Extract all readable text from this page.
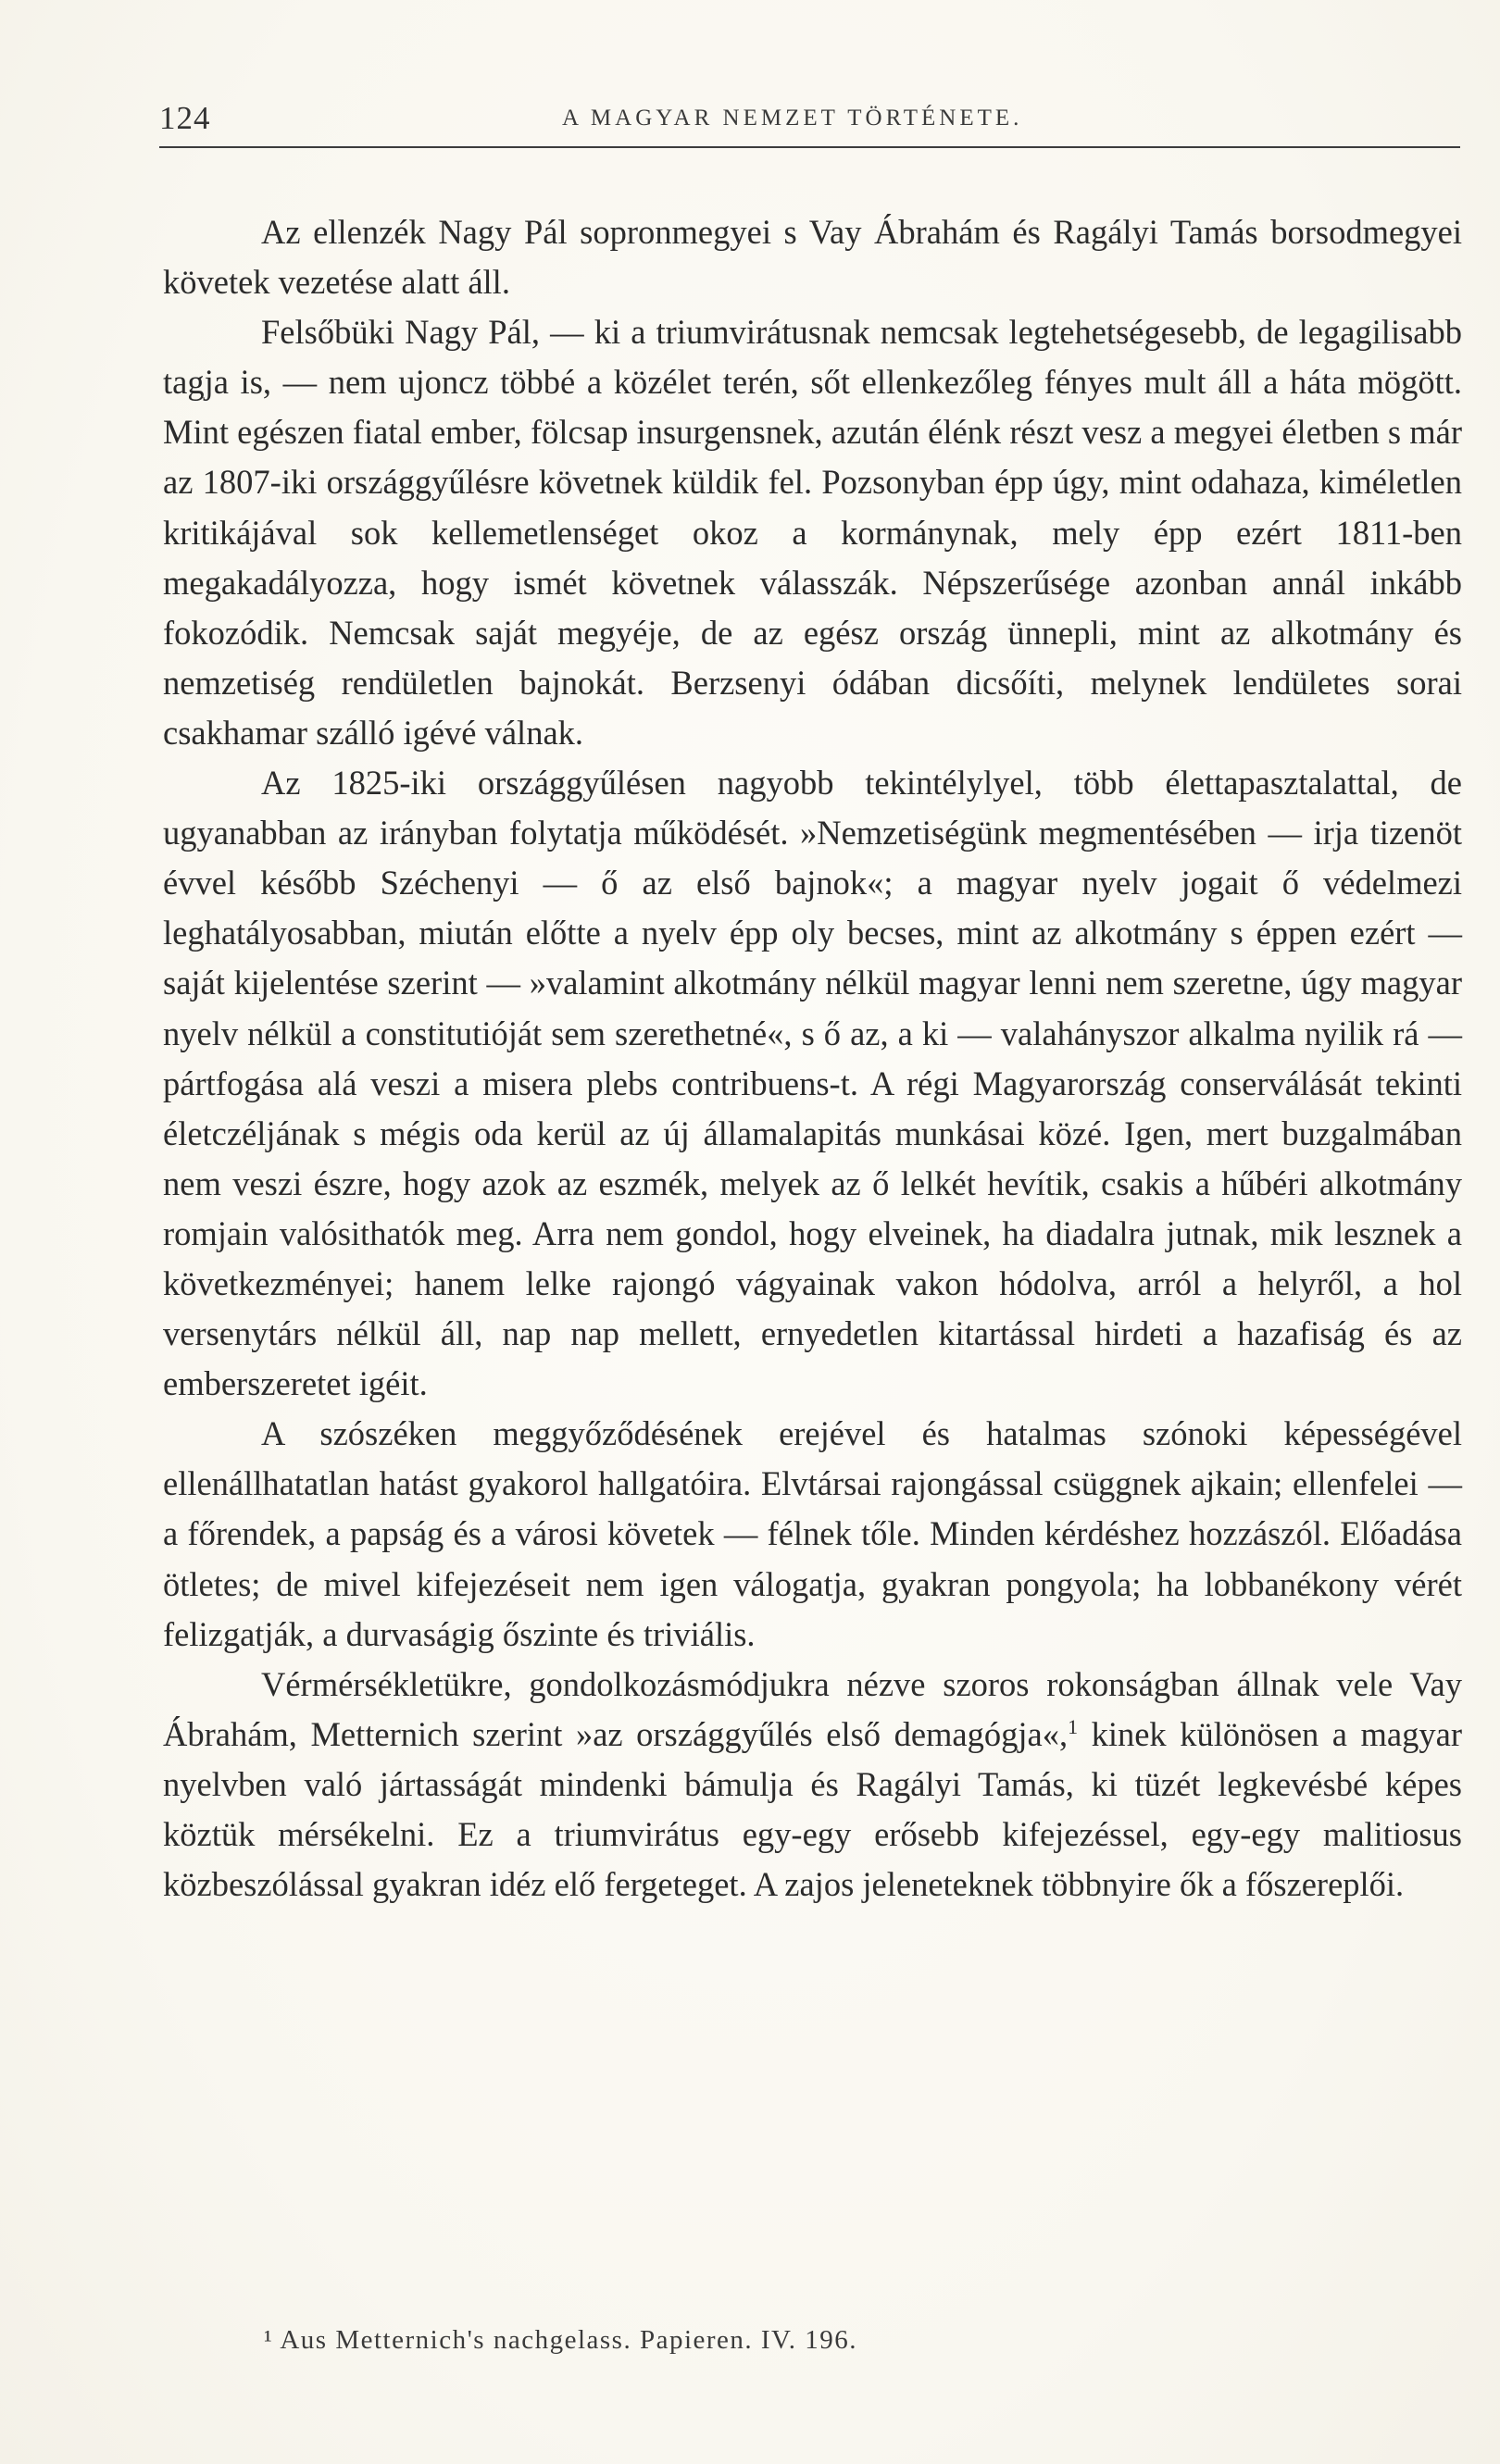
124	A MAGYAR NEMZET TÖRTÉNETE.

Az ellenzék Nagy Pál sopronmegyei s Vay Ábrahám és Ragályi Tamás borsodmegyei követek vezetése alatt áll.

Felsőbüki Nagy Pál, — ki a triumvirátusnak nemcsak legtehetségesebb, de legagilisabb tagja is, — nem ujoncz többé a közélet terén, sőt ellenkezőleg fényes mult áll a háta mögött. Mint egészen fiatal ember, fölcsap insurgensnek, azután élénk részt vesz a megyei életben s már az 1807-iki országgyűlésre követnek küldik fel. Pozsonyban épp úgy, mint odahaza, kiméletlen kritikájával sok kellemetlenséget okoz a kormánynak, mely épp ezért 1811-ben megakadályozza, hogy ismét követnek válasszák. Népszerűsége azonban annál inkább fokozódik. Nemcsak saját megyéje, de az egész ország ünnepli, mint az alkotmány és nemzetiség rendületlen bajnokát. Berzsenyi ódában dicsőíti, melynek lendületes sorai csakhamar szálló igévé válnak.

Az 1825-iki országgyűlésen nagyobb tekintélylyel, több élettapasztalattal, de ugyanabban az irányban folytatja működését. »Nemzetiségünk megmentésében — irja tizenöt évvel később Széchenyi — ő az első bajnok«; a magyar nyelv jogait ő védelmezi leghatályosabban, miután előtte a nyelv épp oly becses, mint az alkotmány s éppen ezért — saját kijelentése szerint — »valamint alkotmány nélkül magyar lenni nem szeretne, úgy magyar nyelv nélkül a constitutióját sem szerethetné«, s ő az, a ki — valahányszor alkalma nyilik rá — pártfogása alá veszi a misera plebs contribuens-t. A régi Magyarország conserválását tekinti életczéljának s mégis oda kerül az új államalapitás munkásai közé. Igen, mert buzgalmában nem veszi észre, hogy azok az eszmék, melyek az ő lelkét hevítik, csakis a hűbéri alkotmány romjain valósithatók meg. Arra nem gondol, hogy elveinek, ha diadalra jutnak, mik lesznek a következményei; hanem lelke rajongó vágyainak vakon hódolva, arról a helyről, a hol versenytárs nélkül áll, nap nap mellett, ernyedetlen kitartással hirdeti a hazafiság és az emberszeretet igéit.

A szószéken meggyőződésének erejével és hatalmas szónoki képességével ellenállhatatlan hatást gyakorol hallgatóira. Elvtársai rajongással csüggnek ajkain; ellenfelei — a főrendek, a papság és a városi követek — félnek tőle. Minden kérdéshez hozzászól. Előadása ötletes; de mivel kifejezéseit nem igen válogatja, gyakran pongyola; ha lobbanékony vérét felizgatják, a durvaságig őszinte és triviális.

Vérmérsékletükre, gondolkozásmódjukra nézve szoros rokonságban állnak vele Vay Ábrahám, Metternich szerint »az országgyűlés első demagógja«,$^1$ kinek különösen a magyar nyelvben való jártasságát mindenki bámulja és Ragályi Tamás, ki tüzét legkevésbé képes köztük mérsékelni. Ez a triumvirátus egy-egy erősebb kifejezéssel, egy-egy malitiosus közbeszólással gyakran idéz elő fergeteget. A zajos jeleneteknek többnyire ők a főszereplői.

¹ Aus Metternich's nachgelass. Papieren. IV. 196.
